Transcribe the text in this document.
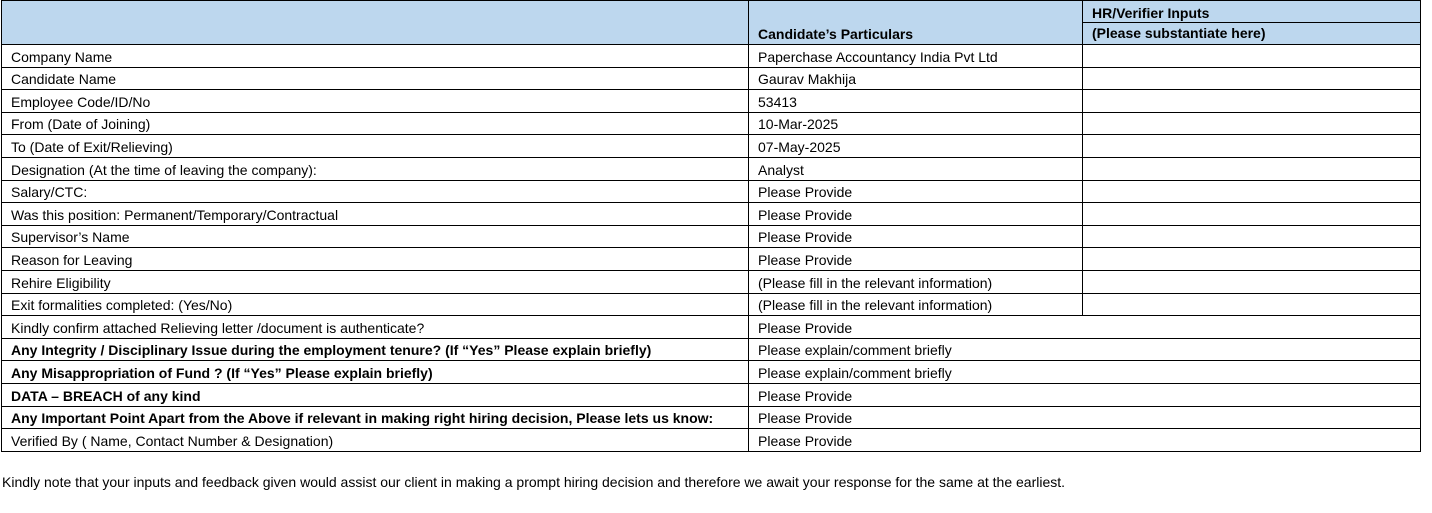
	Candidate’s Particulars	HR/Verifier Inputs
(Please substantiate here)

Company Name	Paperchase Accountancy India Pvt Ltd	
Candidate Name	Gaurav Makhija	
Employee Code/ID/No	53413	
From (Date of Joining)	10-Mar-2025	
To (Date of Exit/Relieving)	07-May-2025	
Designation (At the time of leaving the company):	Analyst	
Salary/CTC:	Please Provide	
Was this position: Permanent/Temporary/Contractual	Please Provide	
Supervisor’s Name	Please Provide	
Reason for Leaving	Please Provide	
Rehire Eligibility	(Please fill in the relevant information)	
Exit formalities completed: (Yes/No)	(Please fill in the relevant information)	
Kindly confirm attached Relieving letter /document is authenticate?	Please Provide	
Any Integrity / Disciplinary Issue during the employment tenure? (If “Yes” Please explain briefly)	Please explain/comment briefly	
Any Misappropriation of Fund ? (If “Yes” Please explain briefly)	Please explain/comment briefly	
DATA – BREACH of any kind	Please Provide	
Any Important Point Apart from the Above if relevant in making right hiring decision, Please lets us know:	Please Provide	
Verified By ( Name, Contact Number & Designation)	Please Provide	
Kindly note that your inputs and feedback given would assist our client in making a prompt hiring decision and therefore we await your response for the same at the earliest.
